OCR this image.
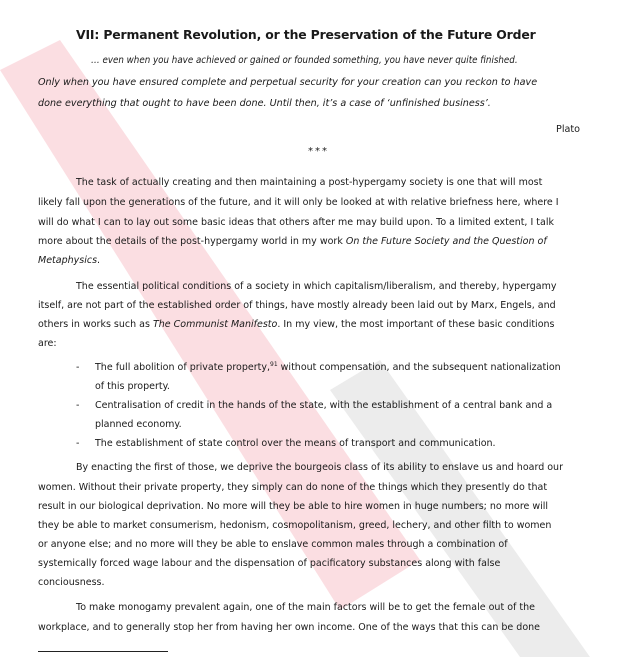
VII: Permanent Revolution, or the Preservation of the Future Order
… even when you have achieved or gained or founded something, you have never quite finished.
Only when you have ensured complete and perpetual security for your creation can you reckon to have
done everything that ought to have been done. Until then, it’s a case of ‘unfinished business’.
Plato
***
The task of actually creating and then maintaining a post-hypergamy society is one that will most
likely fall upon the generations of the future, and it will only be looked at with relative briefness here, where I
will do what I can to lay out some basic ideas that others after me may build upon. To a limited extent, I talk
more about the details of the post-hypergamy world in my work On the Future Society and the Question of
Metaphysics.
The essential political conditions of a society in which capitalism/liberalism, and thereby, hypergamy
itself, are not part of the established order of things, have mostly already been laid out by Marx, Engels, and
others in works such as The Communist Manifesto. In my view, the most important of these basic conditions
are:
- The full abolition of private property,$^{91}$ without compensation, and the subsequent nationalization
of this property.
- Centralisation of credit in the hands of the state, with the establishment of a central bank and a
planned economy.
- The establishment of state control over the means of transport and communication.
By enacting the first of those, we deprive the bourgeois class of its ability to enslave us and hoard our
women. Without their private property, they simply can do none of the things which they presently do that
result in our biological deprivation. No more will they be able to hire women in huge numbers; no more will
they be able to market consumerism, hedonism, cosmopolitanism, greed, lechery, and other filth to women
or anyone else; and no more will they be able to enslave common males through a combination of
systemically forced wage labour and the dispensation of pacificatory substances along with false
conciousness.
To make monogamy prevalent again, one of the main factors will be to get the female out of the
workplace, and to generally stop her from having her own income. One of the ways that this can be done
